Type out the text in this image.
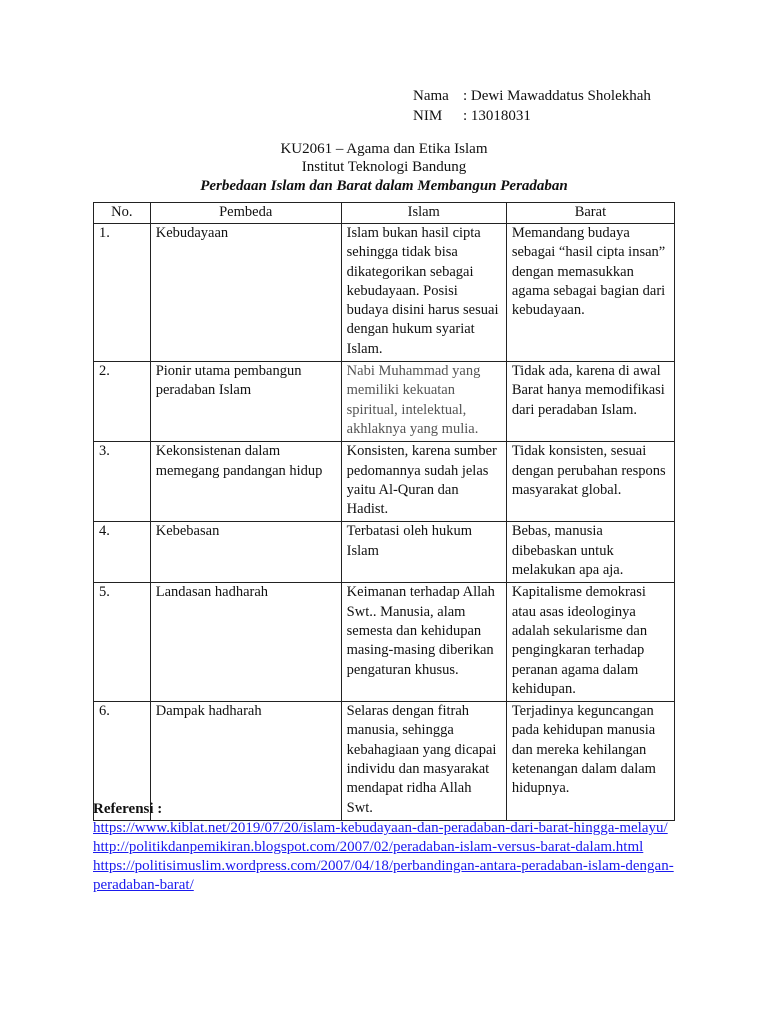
Nama : Dewi Mawaddatus Sholekhah
NIM	: 13018031
KU2061 – Agama dan Etika Islam
Institut Teknologi Bandung
Perbedaan Islam dan Barat dalam Membangun Peradaban
No.	Pembeda	Islam	Barat
1.	Kebudayaan	Islam bukan hasil cipta sehingga tidak bisa dikategorikan sebagai kebudayaan. Posisi budaya disini harus sesuai dengan hukum syariat Islam.	Memandang budaya sebagai “hasil cipta insan” dengan memasukkan agama sebagai bagian dari kebudayaan.
2.	Pionir utama pembangun peradaban Islam	Nabi Muhammad yang memiliki kekuatan spiritual, intelektual, akhlaknya yang mulia.	Tidak ada, karena di awal Barat hanya memodifikasi dari peradaban Islam.
3.	Kekonsistenan dalam memegang pandangan hidup	Konsisten, karena sumber pedomannya sudah jelas yaitu Al-Quran dan Hadist.	Tidak konsisten, sesuai dengan perubahan respons masyarakat global.
4.	Kebebasan	Terbatasi oleh hukum Islam	Bebas, manusia dibebaskan untuk melakukan apa aja.
5.	Landasan hadharah	Keimanan terhadap Allah Swt.. Manusia, alam semesta dan kehidupan masing-masing diberikan pengaturan khusus.	Kapitalisme demokrasi atau asas ideologinya adalah sekularisme dan pengingkaran terhadap peranan agama dalam kehidupan.
6.	Dampak hadharah	Selaras dengan fitrah manusia, sehingga kebahagiaan yang dicapai individu dan masyarakat mendapat ridha Allah Swt.	Terjadinya keguncangan pada kehidupan manusia dan mereka kehilangan ketenangan dalam dalam hidupnya.
Referensi :
https://www.kiblat.net/2019/07/20/islam-kebudayaan-dan-peradaban-dari-barat-hingga-melayu/
http://politikdanpemikiran.blogspot.com/2007/02/peradaban-islam-versus-barat-dalam.html
https://politisimuslim.wordpress.com/2007/04/18/perbandingan-antara-peradaban-islam-dengan-peradaban-barat/
